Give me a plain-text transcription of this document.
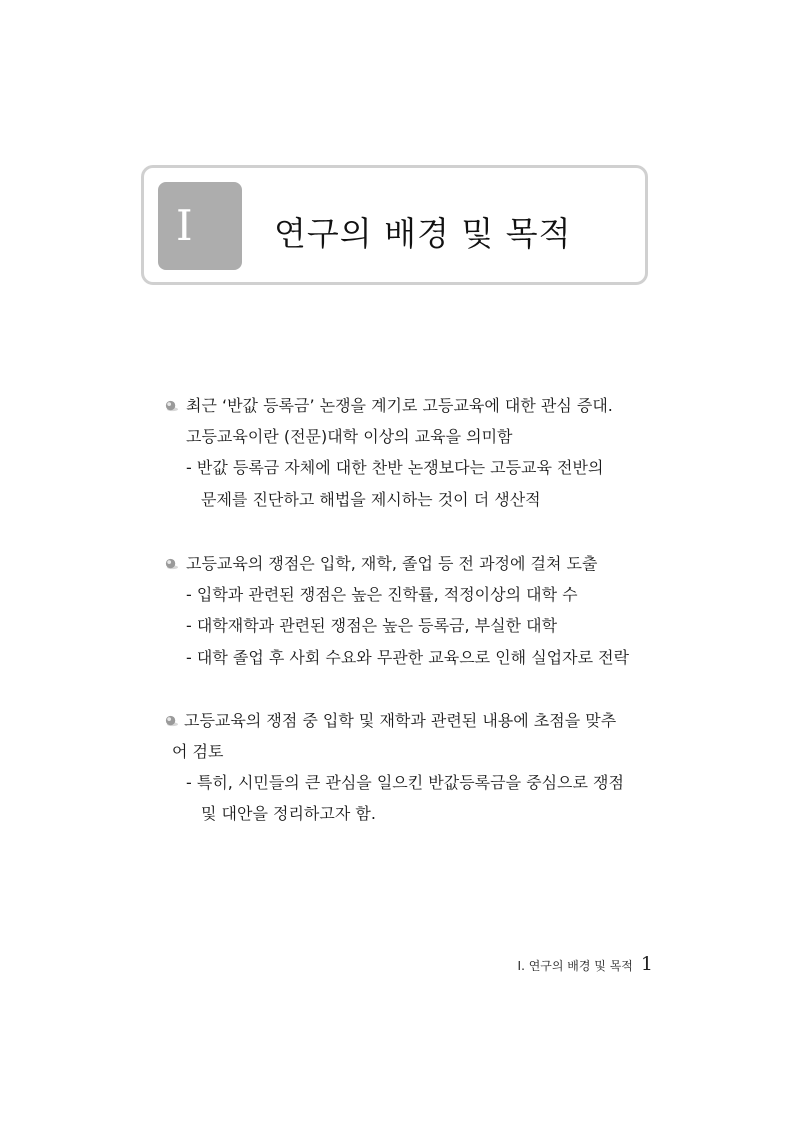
Ⅰ	연구의 배경 및 목적
최근 ‘반값 등록금’ 논쟁을 계기로 고등교육에 대한 관심 증대.
고등교육이란 (전문)대학 이상의 교육을 의미함
- 반값 등록금 자체에 대한 찬반 논쟁보다는 고등교육 전반의
문제를 진단하고 해법을 제시하는 것이 더 생산적
고등교육의 쟁점은 입학, 재학, 졸업 등 전 과정에 걸쳐 도출
- 입학과 관련된 쟁점은 높은 진학률, 적정이상의 대학 수
- 대학재학과 관련된 쟁점은 높은 등록금, 부실한 대학
- 대학 졸업 후 사회 수요와 무관한 교육으로 인해 실업자로 전락
고등교육의 쟁점 중 입학 및 재학과 관련된 내용에 초점을 맞추
어 검토
- 특히, 시민들의 큰 관심을 일으킨 반값등록금을 중심으로 쟁점
및 대안을 정리하고자 함.
Ⅰ. 연구의 배경 및 목적 1
